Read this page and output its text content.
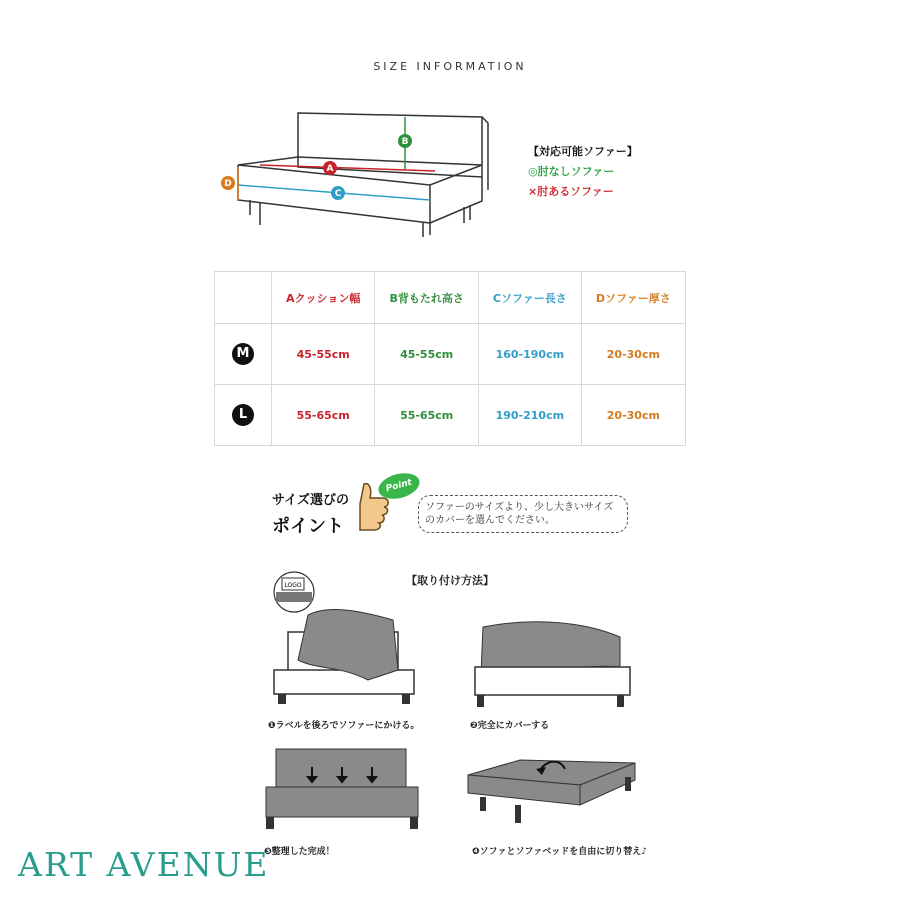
SIZE INFORMATION
A
B
C
D
【対応可能ソファー】
◎肘なしソファー
×肘あるソファー
	Aクッション幅	B背もたれ高さ	Cソファー長さ	Dソファー厚さ
M	45-55cm	45-55cm	160-190cm	20-30cm
L	55-65cm	55-65cm	190-210cm	20-30cm
サイズ選びの
ポイント
Point
ソファーのサイズより、少し大きいサイズのカバーを選んでください。
【取り付け方法】
LOGO
❶ラベルを後ろでソファーにかける。	❷完全にカバーする
❸整理した完成！	❹ソファとソファベッドを自由に切り替え♪
ART AVENUE
